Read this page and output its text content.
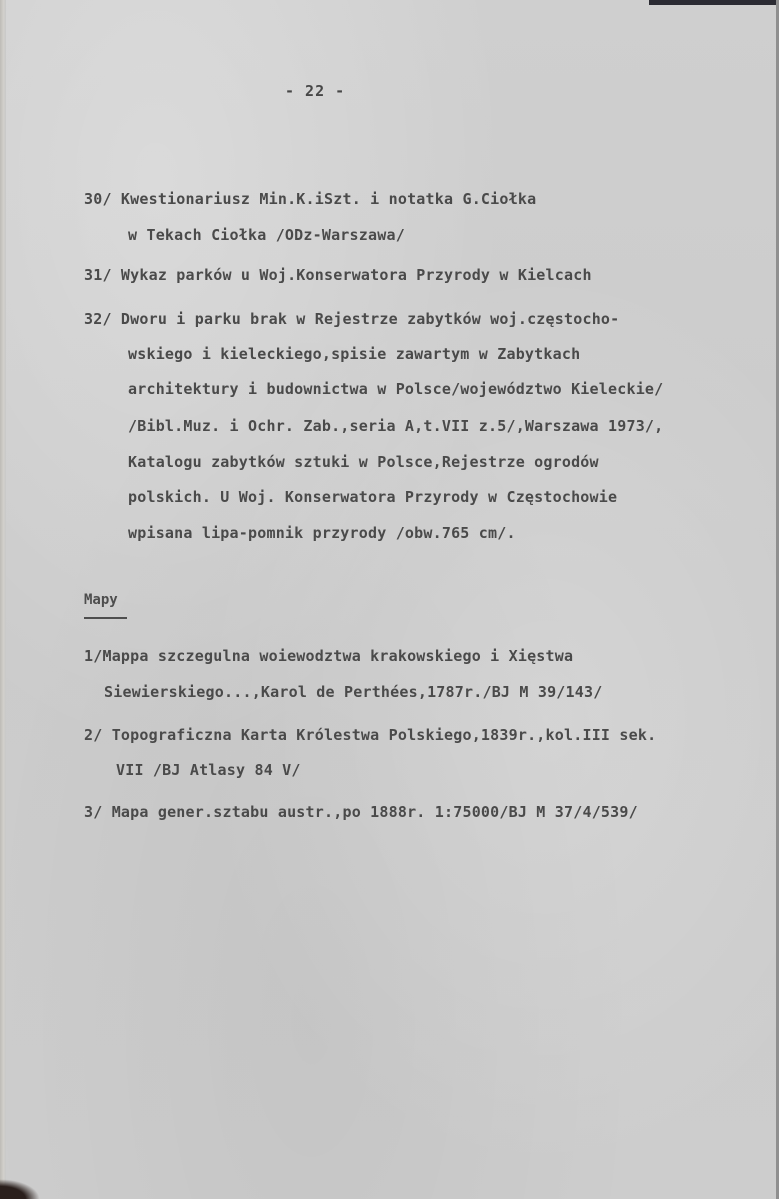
- 22 -
30/ Kwestionariusz Min.K.iSzt. i notatka G.Ciołka
w Tekach Ciołka /ODz-Warszawa/
31/ Wykaz parków u Woj.Konserwatora Przyrody w Kielcach
32/ Dworu i parku brak w Rejestrze zabytków woj.częstocho-
wskiego i kieleckiego,spisie zawartym w Zabytkach
architektury i budownictwa w Polsce/województwo Kieleckie/
/Bibl.Muz. i Ochr. Zab.,seria A,t.VII z.5/,Warszawa 1973/,
Katalogu zabytków sztuki w Polsce,Rejestrze ogrodów
polskich. U Woj. Konserwatora Przyrody w Częstochowie
wpisana lipa-pomnik przyrody /obw.765 cm/.
Mapy
1/Mappa szczegulna woiewodztwa krakowskiego i Xięstwa
Siewierskiego...,Karol de Perthées,1787r./BJ M 39/143/
2/ Topograficzna Karta Królestwa Polskiego,1839r.,kol.III sek.
VII /BJ Atlasy 84 V/
3/ Mapa gener.sztabu austr.,po 1888r. 1:75000/BJ M 37/4/539/
